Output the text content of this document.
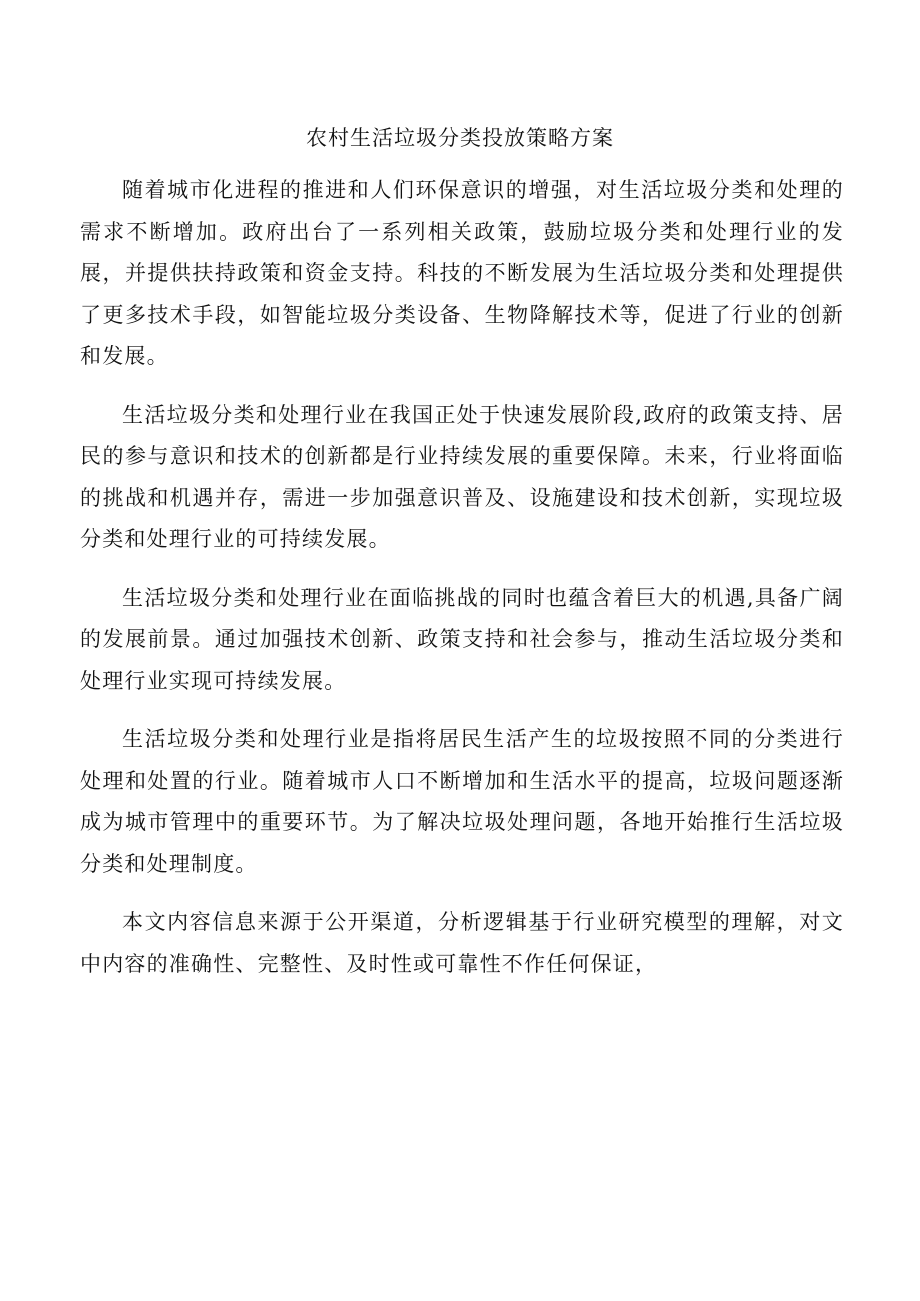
农村生活垃圾分类投放策略方案

随着城市化进程的推进和人们环保意识的增强，对生活垃圾分类和处理的需求不断增加。政府出台了一系列相关政策，鼓励垃圾分类和处理行业的发展，并提供扶持政策和资金支持。科技的不断发展为生活垃圾分类和处理提供了更多技术手段，如智能垃圾分类设备、生物降解技术等，促进了行业的创新和发展。

生活垃圾分类和处理行业在我国正处于快速发展阶段,政府的政策支持、居民的参与意识和技术的创新都是行业持续发展的重要保障。未来，行业将面临的挑战和机遇并存，需进一步加强意识普及、设施建设和技术创新，实现垃圾分类和处理行业的可持续发展。

生活垃圾分类和处理行业在面临挑战的同时也蕴含着巨大的机遇,具备广阔的发展前景。通过加强技术创新、政策支持和社会参与，推动生活垃圾分类和处理行业实现可持续发展。

生活垃圾分类和处理行业是指将居民生活产生的垃圾按照不同的分类进行处理和处置的行业。随着城市人口不断增加和生活水平的提高，垃圾问题逐渐成为城市管理中的重要环节。为了解决垃圾处理问题，各地开始推行生活垃圾分类和处理制度。

本文内容信息来源于公开渠道，分析逻辑基于行业研究模型的理解，对文中内容的准确性、完整性、及时性或可靠性不作任何保证，
